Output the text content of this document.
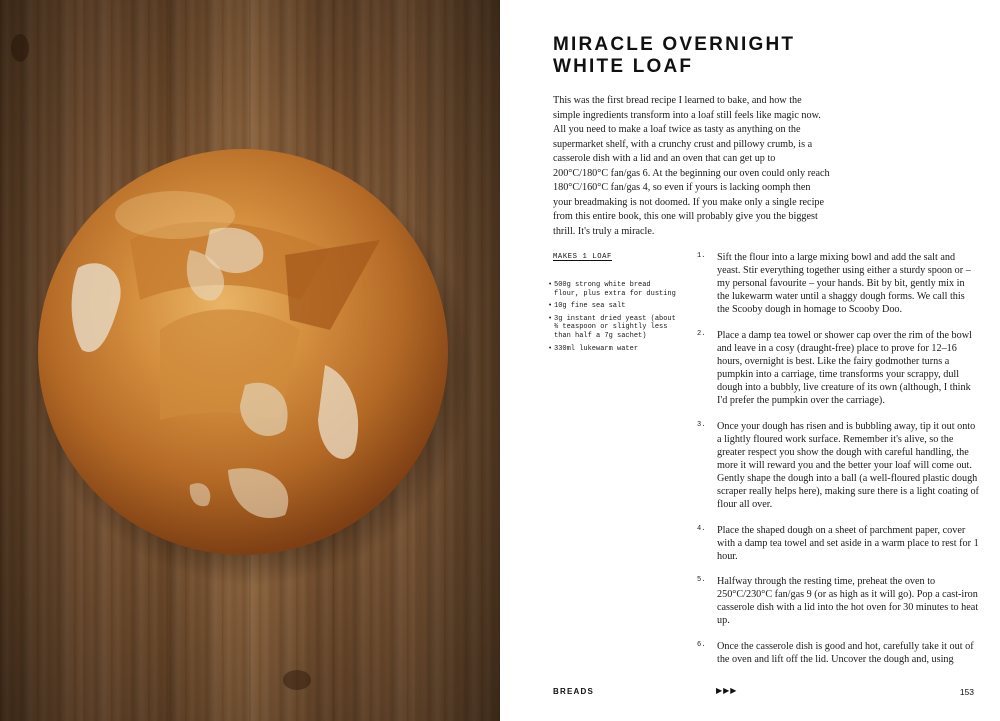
MIRACLE OVERNIGHT
WHITE LOAF

This was the first bread recipe I learned to bake, and how the simple ingredients transform into a loaf still feels like magic now. All you need to make a loaf twice as tasty as anything on the supermarket shelf, with a crunchy crust and pillowy crumb, is a casserole dish with a lid and an oven that can get up to 200°C/180°C fan/gas 6. At the beginning our oven could only reach 180°C/160°C fan/gas 4, so even if yours is lacking oomph then your breadmaking is not doomed. If you make only a single recipe from this entire book, this one will probably give you the biggest thrill. It's truly a miracle.

MAKES 1 LOAF
• 500g strong white bread flour, plus extra for dusting
• 10g fine sea salt
• 3g instant dried yeast (about ¾ teaspoon or slightly less than half a 7g sachet)
• 330ml lukewarm water
1. Sift the flour into a large mixing bowl and add the salt and yeast. Stir everything together using either a sturdy spoon or – my personal favourite – your hands. Bit by bit, gently mix in the lukewarm water until a shaggy dough forms. We call this the Scooby dough in homage to Scooby Doo.
2. Place a damp tea towel or shower cap over the rim of the bowl and leave in a cosy (draught-free) place to prove for 12–16 hours, overnight is best. Like the fairy godmother turns a pumpkin into a carriage, time transforms your scrappy, dull dough into a bubbly, live creature of its own (although, I think I'd prefer the pumpkin over the carriage).
3. Once your dough has risen and is bubbling away, tip it out onto a lightly floured work surface. Remember it's alive, so the greater respect you show the dough with careful handling, the more it will reward you and the better your loaf will come out. Gently shape the dough into a ball (a well-floured plastic dough scraper really helps here), making sure there is a light coating of flour all over.
4. Place the shaped dough on a sheet of parchment paper, cover with a damp tea towel and set aside in a warm place to rest for 1 hour.
5. Halfway through the resting time, preheat the oven to 250°C/230°C fan/gas 9 (or as high as it will go). Pop a cast-iron casserole dish with a lid into the hot oven for 30 minutes to heat up.
6. Once the casserole dish is good and hot, carefully take it out of the oven and lift off the lid. Uncover the dough and, using
BREADS	▶▶▶	153
